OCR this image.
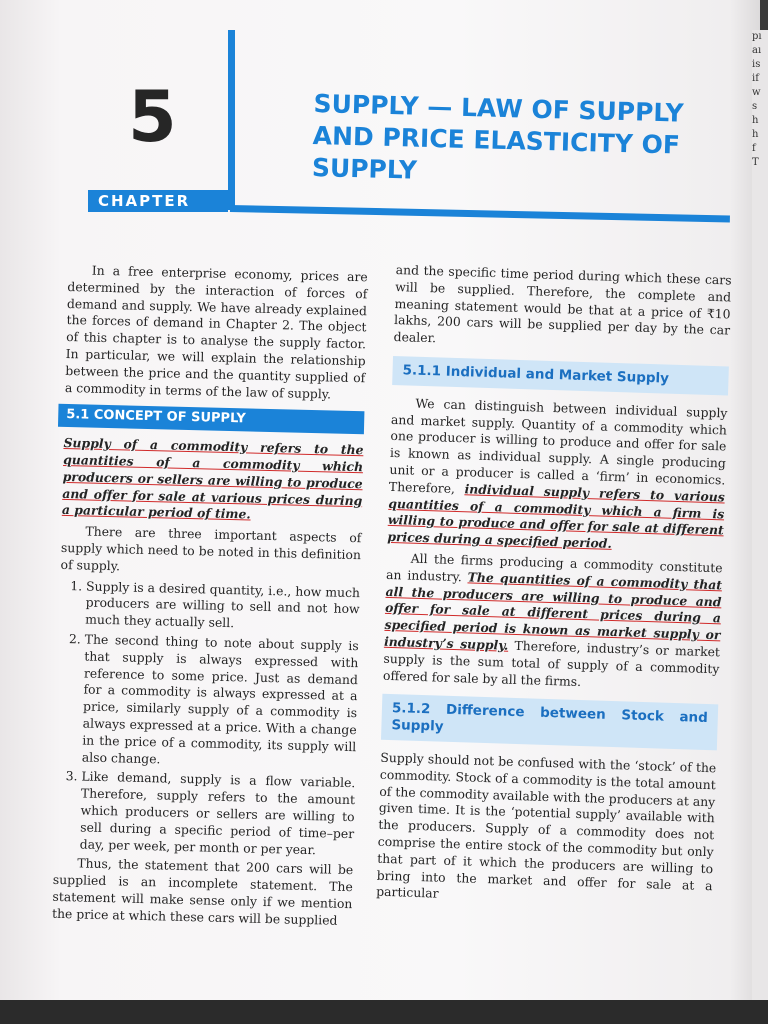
5
CHAPTER
SUPPLY — LAW OF SUPPLY AND PRICE ELASTICITY OF SUPPLY

In a free enterprise economy, prices are determined by the interaction of forces of demand and supply. We have already explained the forces of demand in Chapter 2. The object of this chapter is to analyse the supply factor. In particular, we will explain the relationship between the price and the quantity supplied of a commodity in terms of the law of supply.

5.1 CONCEPT OF SUPPLY

Supply of a commodity refers to the quantities of a commodity which producers or sellers are willing to produce and offer for sale at various prices during a particular period of time.

There are three important aspects of supply which need to be noted in this definition of supply.

1. Supply is a desired quantity, i.e., how much producers are willing to sell and not how much they actually sell.
2. The second thing to note about supply is that supply is always expressed with reference to some price. Just as demand for a commodity is always expressed at a price, similarly supply of a commodity is always expressed at a price. With a change in the price of a commodity, its supply will also change.
3. Like demand, supply is a flow variable. Therefore, supply refers to the amount which producers or sellers are willing to sell during a specific period of time–per day, per week, per month or per year.

Thus, the statement that 200 cars will be supplied is an incomplete statement. The statement will make sense only if we mention the price at which these cars will be supplied

and the specific time period during which these cars will be supplied. Therefore, the complete and meaning statement would be that at a price of ₹10 lakhs, 200 cars will be supplied per day by the car dealer.

5.1.1 Individual and Market Supply

We can distinguish between individual supply and market supply. Quantity of a commodity which one producer is willing to produce and offer for sale is known as individual supply. A single producing unit or a producer is called a ‘firm’ in economics. Therefore, individual supply refers to various quantities of a commodity which a firm is willing to produce and offer for sale at different prices during a specified period.

All the firms producing a commodity constitute an industry. The quantities of a commodity that all the producers are willing to produce and offer for sale at different prices during a specified period is known as market supply or industry’s supply. Therefore, industry’s or market supply is the sum total of supply of a commodity offered for sale by all the firms.

5.1.2 Difference between Stock and Supply

Supply should not be confused with the ‘stock’ of the commodity. Stock of a commodity is the total amount of the commodity available with the producers at any given time. It is the ‘potential supply’ available with the producers. Supply of a commodity does not comprise the entire stock of the commodity but only that part of it which the producers are willing to bring into the market and offer for sale at a particular

pı
aı
is
if
w
s
h
h
f
T
